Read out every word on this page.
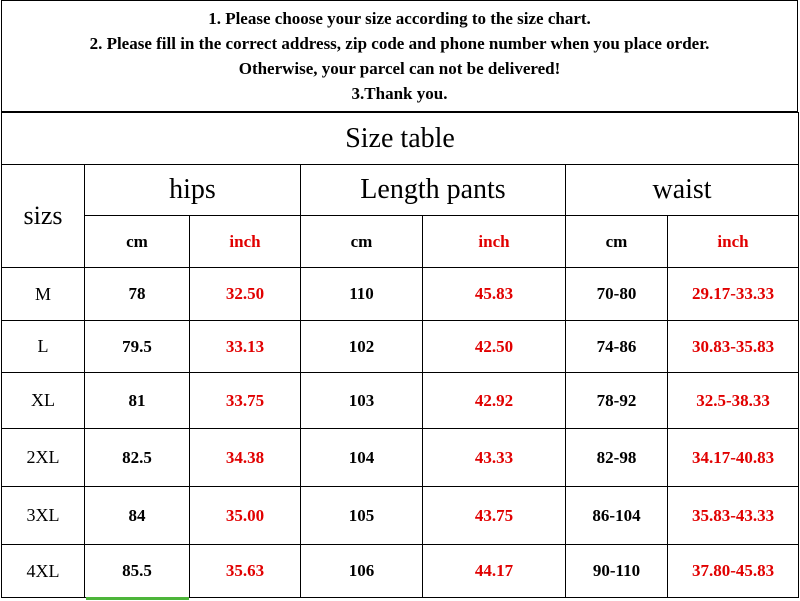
1. Please choose your size according to the size chart.
2. Please fill in the correct address, zip code and phone number when you place order.
Otherwise, your parcel can not be delivered!
3.Thank you.
Size table						
sizs	hips		Length pants		waist	
	cm	inch	cm	inch	cm	inch
M	78	32.50	110	45.83	70-80	29.17-33.33
L	79.5	33.13	102	42.50	74-86	30.83-35.83
XL	81	33.75	103	42.92	78-92	32.5-38.33
2XL	82.5	34.38	104	43.33	82-98	34.17-40.83
3XL	84	35.00	105	43.75	86-104	35.83-43.33
4XL	85.5	35.63	106	44.17	90-110	37.80-45.83
